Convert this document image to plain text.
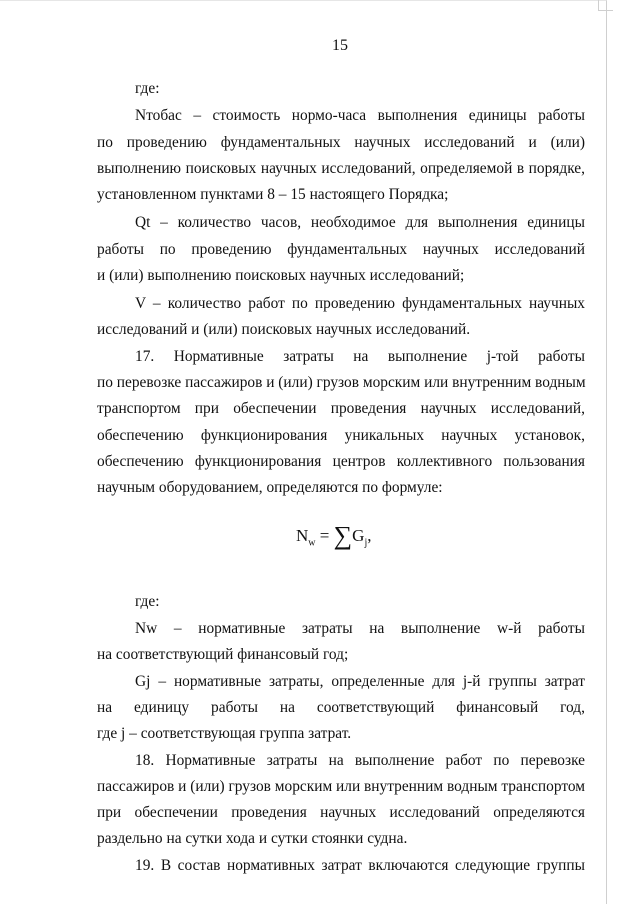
15
где:
Nтобас – стоимость нормо-часа выполнения единицы работы
по проведению фундаментальных научных исследований и (или)
выполнению поисковых научных исследований, определяемой в порядке,
установленном пунктами 8 – 15 настоящего Порядка;
Qt – количество часов, необходимое для выполнения единицы
работы по проведению фундаментальных научных исследований
и (или) выполнению поисковых научных исследований;
V – количество работ по проведению фундаментальных научных
исследований и (или) поисковых научных исследований.
17. Нормативные затраты на выполнение j-той работы
по перевозке пассажиров и (или) грузов морским или внутренним водным
транспортом при обеспечении проведения научных исследований,
обеспечению функционирования уникальных научных установок,
обеспечению функционирования центров коллективного пользования
научным оборудованием, определяются по формуле:
где:
Nw – нормативные затраты на выполнение w-й работы
на соответствующий финансовый год;
Gj – нормативные затраты, определенные для j-й группы затрат
на единицу работы на соответствующий финансовый год,
где j – соответствующая группа затрат.
18. Нормативные затраты на выполнение работ по перевозке
пассажиров и (или) грузов морским или внутренним водным транспортом
при обеспечении проведения научных исследований определяются
раздельно на сутки хода и сутки стоянки судна.
19. В состав нормативных затрат включаются следующие группы
$N_w = \sum G_j$,
